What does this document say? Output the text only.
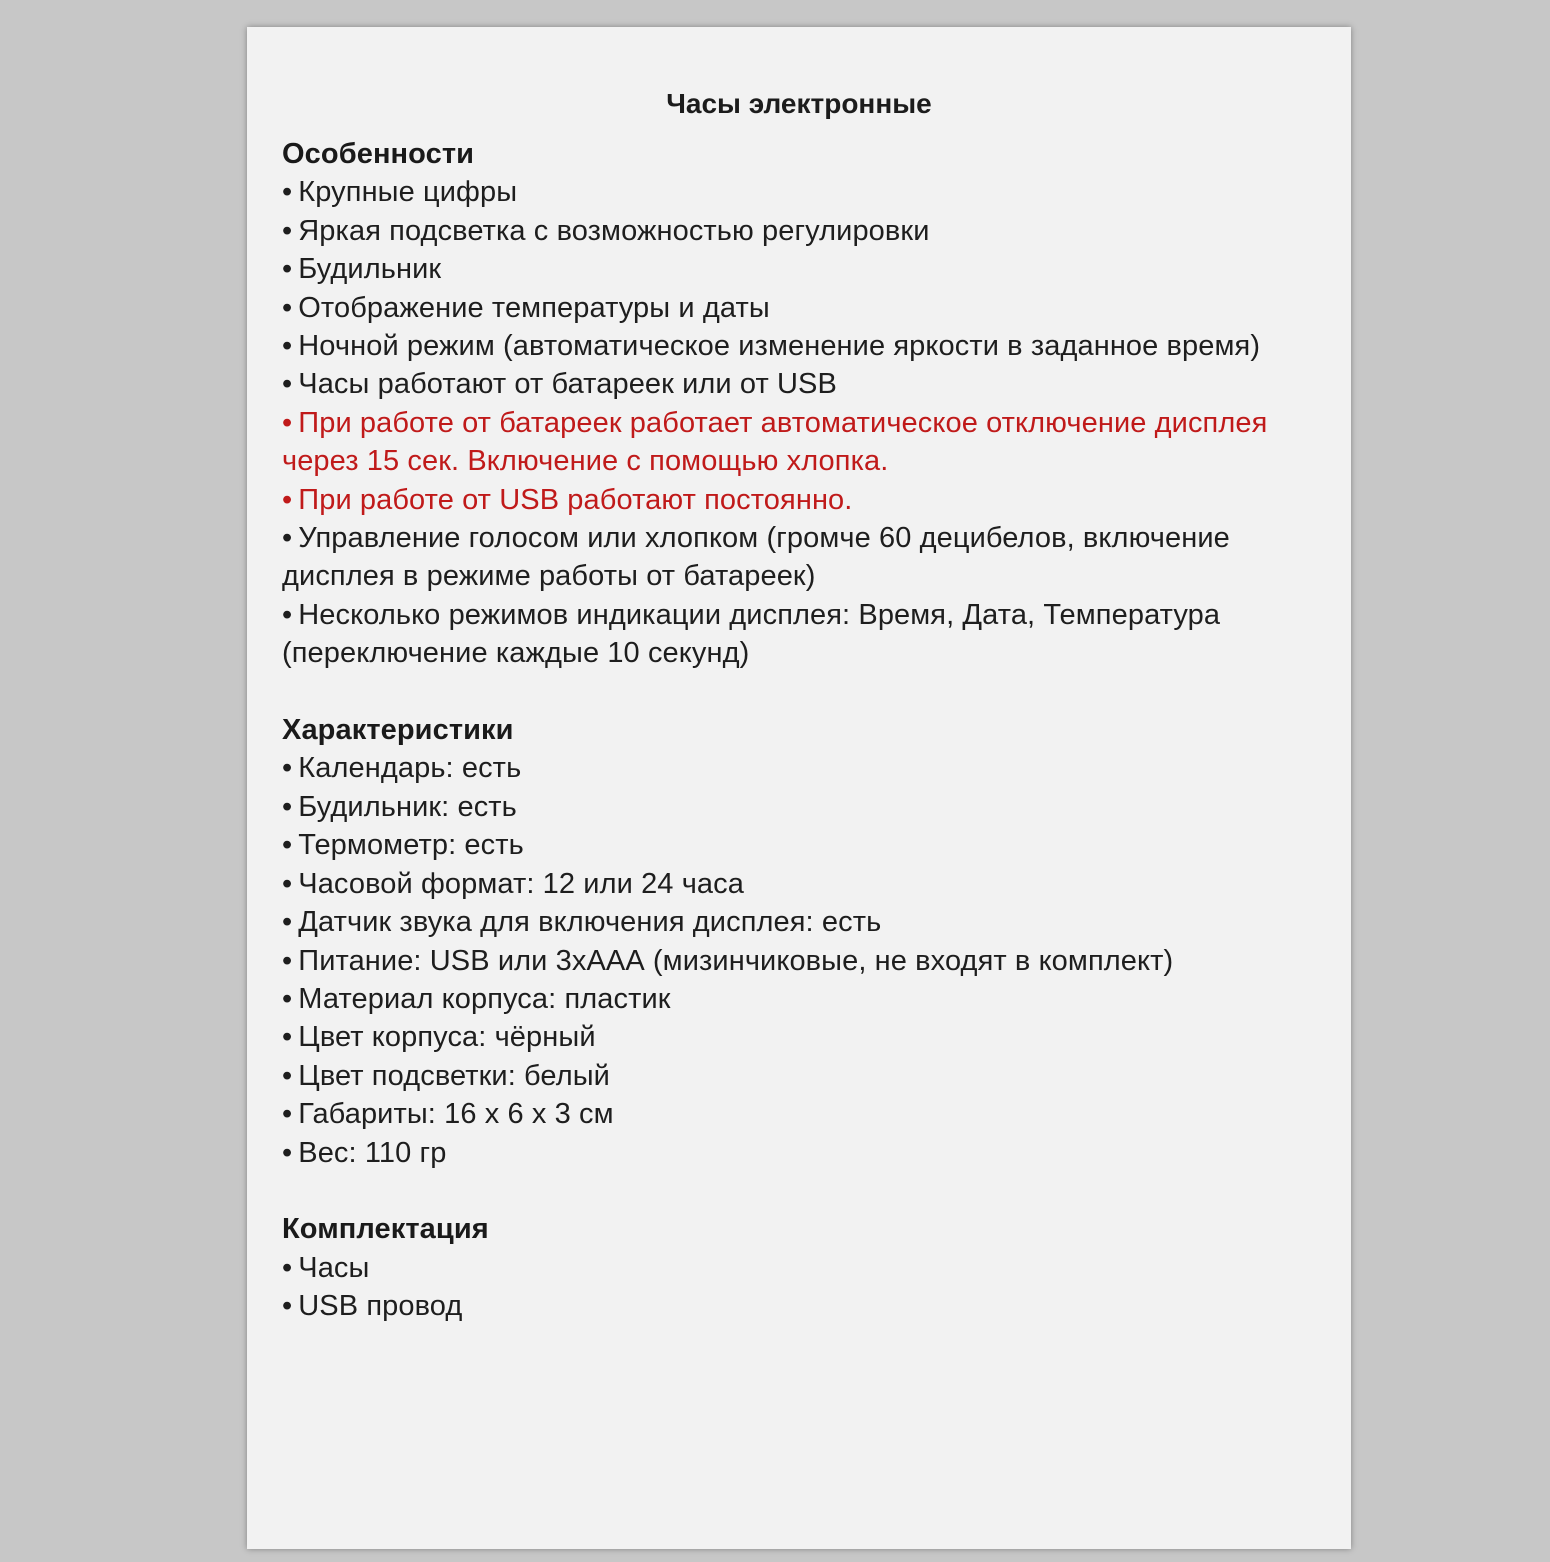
Часы электронные

Особенности

• Крупные цифры

• Яркая подсветка с возможностью регулировки

• Будильник

• Отображение температуры и даты

• Ночной режим (автоматическое изменение яркости в заданное время)

• Часы работают от батареек или от USB

• При работе от батареек работает автоматическое отключение дисплея через 15 сек. Включение с помощью хлопка.

• При работе от USB работают постоянно.

• Управление голосом или хлопком (громче 60 децибелов, включение дисплея в режиме работы от батареек)

• Несколько режимов индикации дисплея: Время, Дата, Температура (переключение каждые 10 секунд)

Характеристики

• Календарь: есть

• Будильник: есть

• Термометр: есть

• Часовой формат: 12 или 24 часа

• Датчик звука для включения дисплея: есть

• Питание: USB или 3хААА (мизинчиковые, не входят в комплект)

• Материал корпуса: пластик

• Цвет корпуса: чёрный

• Цвет подсветки: белый

• Габариты: 16 х 6 х 3 см

• Вес: 110 гр

Комплектация

• Часы

• USB провод
